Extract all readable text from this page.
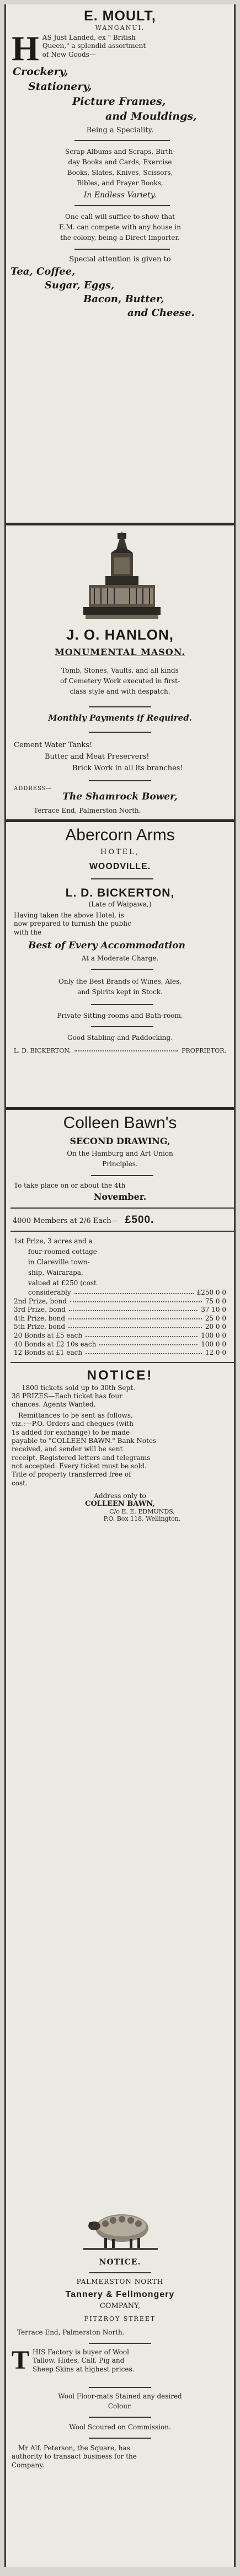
E. MOULT,
WANGANUI,
H AS Just Landed, ex " British
Queen," a splendid assortment
of New Goods—
Crockery,
Stationery,
Picture Frames,
and Mouldings,
Being a Speciality.
Scrap Albums and Scraps, Birth-
day Books and Cards, Exercise
Books, Slates, Knives, Scissors,
Bibles, and Prayer Books,
In Endless Variety.
One call will suffice to show that
E.M. can compete with any house in
the colony, being a Direct Importer.
Special attention is given to
Tea, Coffee,
Sugar, Eggs,
Bacon, Butter,
and Cheese.
J. O. HANLON,
MONUMENTAL MASON.
Tomb, Stones, Vaults, and all kinds
of Cemetery Work executed in first-
class style and with despatch.
Monthly Payments if Required.
Cement Water Tanks!
Butter and Meat Preservers!
Brick Work in all its branches!
ADDRESS—
The Shamrock Bower,
Terrace End, Palmerston North.
Abercorn Arms
HOTEL,
WOODVILLE.
L. D. BICKERTON,
(Late of Waipawa,)
Having taken the above Hotel, is
now prepared to furnish the public
with the
Best of Every Accommodation
At a Moderate Charge.
Only the Best Brands of Wines, Ales,
and Spirits kept in Stock.
Private Sitting-rooms and Bath-room.
Good Stabling and Paddocking.
L. D. BICKERTON,	PROPRIETOR.
Colleen Bawn's
SECOND DRAWING,
On the Hamburg and Art Union
Principles.
To take place on or about the 4th
November.
4000 Members at 2/6 Each— £500.
1st Prize, 3 acres and a
four-roomed cottage
in Clareville town-
ship, Wairarapa,
valued at £250 (cost
considerably	£250 0 0
2nd Prize, bond	75 0 0
3rd Prize, bond	37 10 0
4th Prize, bond	25 0 0
5th Prize, bond	20 0 0
20 Bonds at £5 each	100 0 0
40 Bonds at £2 10s each	100 0 0
12 Bonds at £1 each	12 0 0
NOTICE!
1800 tickets sold up to 30th Sept.
38 PRIZES—Each ticket has four
chances. Agents Wanted.
Remittances to be sent as follows,
viz.:—P.O. Orders and cheques (with
1s added for exchange) to be made
payable to "COLLEEN BAWN." Bank Notes
received, and sender will be sent
receipt. Registered letters and telegrams
not accepted. Every ticket must be sold.
Title of property transferred free of
cost.
Address only to
COLLEEN BAWN,
C/o E. E. EDMUNDS,
P.O. Box 118, Wellington.
NOTICE.
PALMERSTON NORTH
Tannery & Fellmongery
COMPANY,
FITZROY STREET
Terrace End, Palmerston North.
T HIS Factory is buyer of Wool
Tallow, Hides, Calf, Pig and
Sheep Skins at highest prices.
Wool Floor-mats Stained any desired
Colour.
Wool Scoured on Commission.
Mr Alf. Peterson, the Square, has
authority to transact business for the
Company.
